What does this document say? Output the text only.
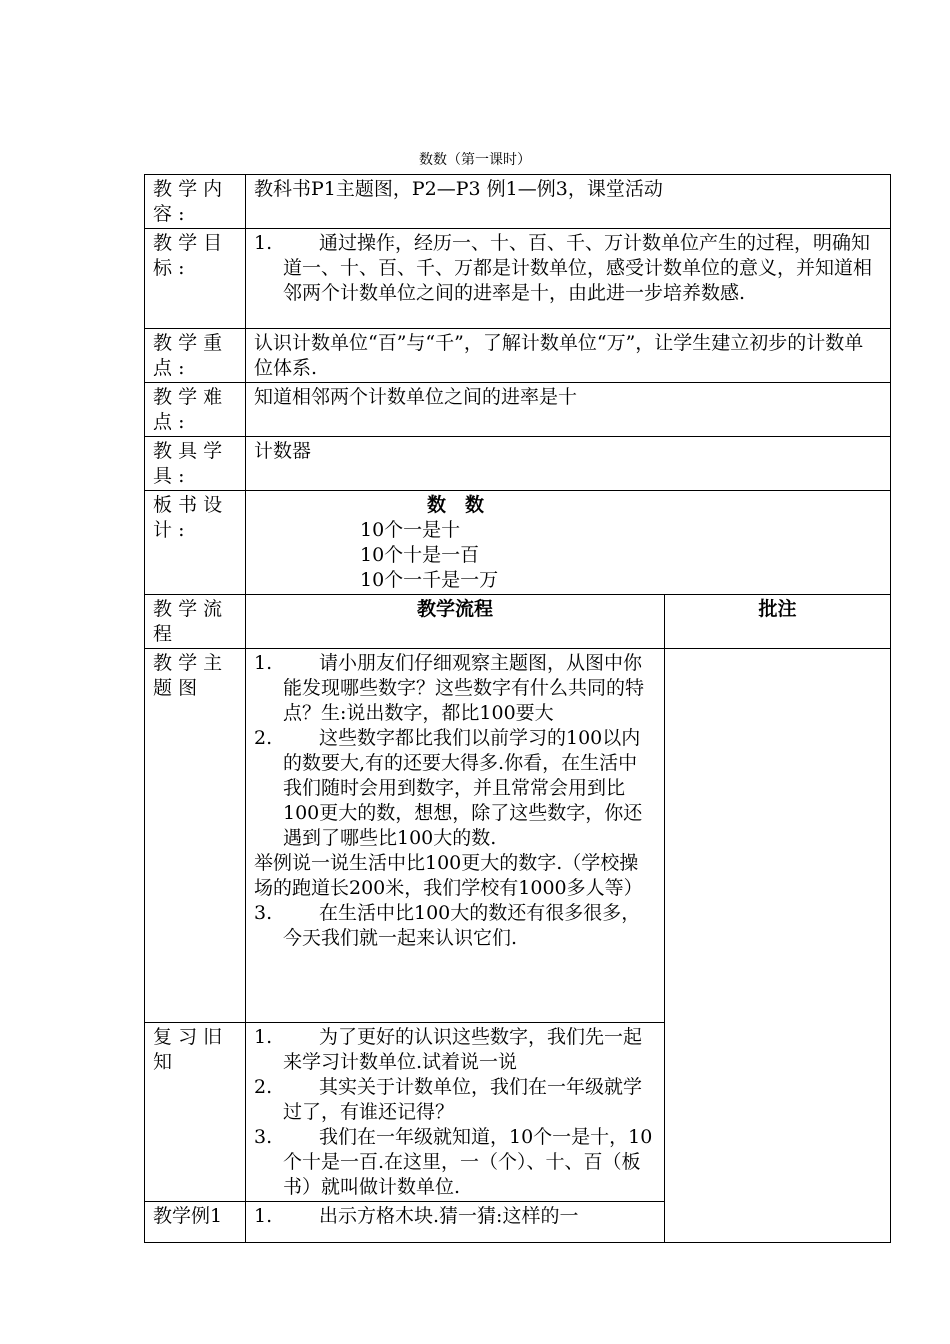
数数（第一课时）
教学内容:	教科书P1主题图，P2—P3 例1—例3，课堂活动	
教学目标:	1. 通过操作，经历一、十、百、千、万计数单位产生的过程，明确知道一、十、百、千、万都是计数单位，感受计数单位的意义，并知道相邻两个计数单位之间的进率是十，由此进一步培养数感.	

教学重点:	认识计数单位“百”与“千”，了解计数单位“万”，让学生建立初步的计数单位体系.	
教学难点:	知道相邻两个计数单位之间的进率是十	
教具学具:	计数器	
板书设计:	数数
10个一是十
10个十是一百
10个一千是一万	

教学流程	教学流程	批注
教学主题图	1. 请小朋友们仔细观察主题图，从图中你能发现哪些数字？这些数字有什么共同的特点？生:说出数字，都比100要大
2. 这些数字都比我们以前学习的100以内的数要大,有的还要大得多.你看，在生活中我们随时会用到数字，并且常常会用到比100更大的数，想想，除了这些数字，你还遇到了哪些比100大的数.
举例说一说生活中比100更大的数字.（学校操场的跑道长200米，我们学校有1000多人等）
3. 在生活中比100大的数还有很多很多，今天我们就一起来认识它们.	

复习旧知	1. 为了更好的认识这些数字，我们先一起来学习计数单位.试着说一说
2. 其实关于计数单位，我们在一年级就学过了，有谁还记得？
3. 我们在一年级就知道，10个一是十，10个十是一百.在这里，一（个）、十、百（板书）就叫做计数单位.	

教学例1	1. 出示方格木块.猜一猜:这样的一	
